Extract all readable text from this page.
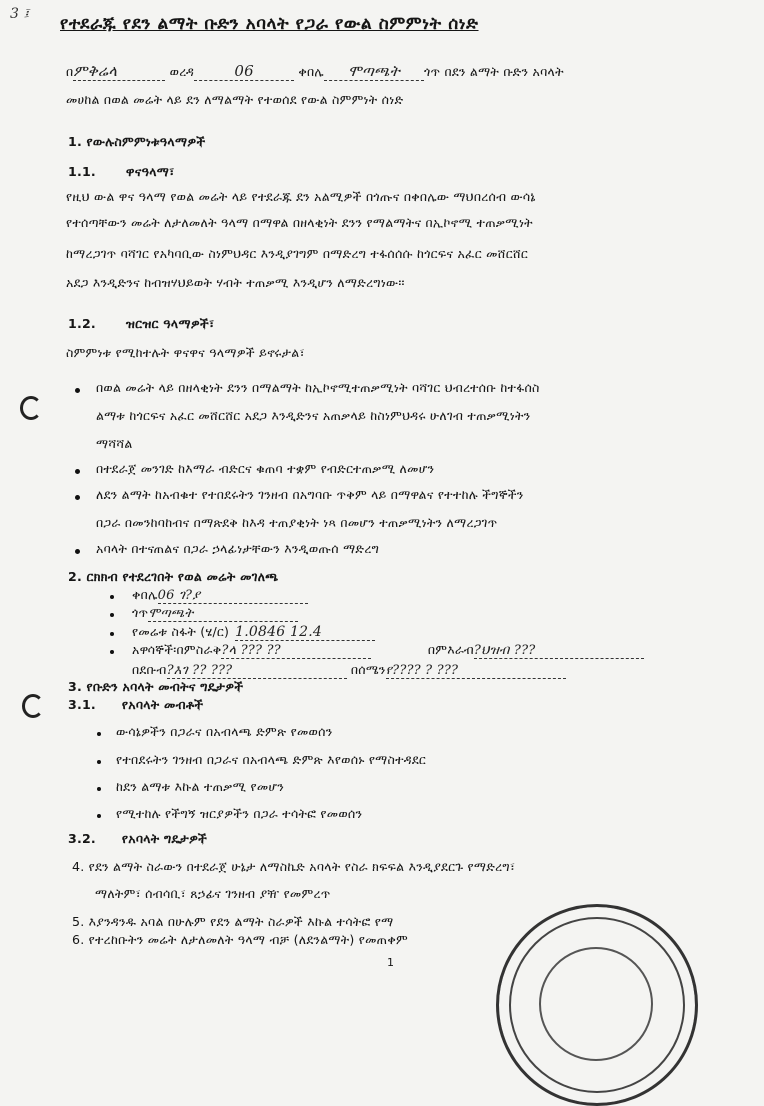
3 ፤ የተደራጁ የደን ልማት ቡድን አባላት የጋራ የውል ስምምነት ሰነድ
በምቅሬላ	ወረዳ	06	ቀበሌ ሞጣጫት ጎጥ በደን ልማት ቡድን አባላት
መሀከል በወል መሬት ላይ ደን ለማልማት የተወሰደ የውል ስምምነት ሰነድ
1. የውሉስምምነቱዓላማዎች
1.1. ዋናዓላማ፣
የዚህ ውል ዋና ዓላማ የወል መሬት ላይ የተደራጁ ደን አልሚዎች በጎጡና በቀበሌው ማህበረሰብ ውሳኔ
የተሰጣቸውን መሬት ለታለመለት ዓላማ በማዋል በዘላቂነት ደንን የማልማትና በኢኮኖሚ ተጠቃሚነት
ከማረጋገጥ ባሻገር የአካባቢው ስነምህዳር እንዲያገግም በማድረግ ተፋሰሰሱ ከጎርፍና አፈር መሸርሸር
አደጋ እንዲድንና ከብዝሃህይወት ሃብት ተጠቃሚ እንዲሆን ለማድረግነው፡፡
1.2. ዝርዝር ዓላማዎች፣
ስምምነቱ የሚከተሉት ዋናዋና ዓላማዎች ይኖሩታል፣
በወል መሬት ላይ በዘላቂነት ደንን በማልማት ከኢኮኖሚተጠቃሚነት ባሻገር ህብረተሰቡ ከተፋሰስ
ልማቱ ከጎርፍና አፈር መሸርሸር አደጋ እንዲድንና አጠቃላይ ከስነምህዳሩ ሁለገብ ተጠቃሚነትን
ማሻሻል
በተደራጀ መንገድ ከእማራ ብድርና ቁጠባ ተቋም የብድርተጠቃሚ ለመሆን
ለደን ልማት ከአብቁተ የተበደሩትን ገንዘብ በአግባቡ ጥቅም ላይ በማዋልና የተተከሉ ችግኞችን
በጋራ በመንከባከብና በማጽደቅ ከእዳ ተጠያቂነት ነጻ በመሆን ተጠቃሚነትን ለማረጋገጥ
አባላት በተናጠልና በጋራ ኃላፊነታቸውን እንዲወጡሰ ማድረግ
2. ርክክብ የተደረገበት የወል መሬት መገለጫ
ቀበሌ06 ገ?ያ
ጎጥሞጣጫት
የመሬቱ ስፋት (ሄ/ር) 1.0846 12.4
አዋሳኞች፡በምስራቅ?ላ ??? ??	በምእራብ?ህዝብ ???
በደቡብ?እገ ?? ???	በሰሜንየ???? ? ???
3. የቡድን አባላት መብትና ግዴታዎች
3.1. የአባላት መብቶች
ውሳኔዎችን በጋራና በአብላጫ ድምጽ የመወሰን
የተበደሩትን ገንዘብ በጋራና በአብላጫ ድምጽ እየወሰኑ የማስተዳደር
ከደን ልማቱ እኩል ተጠቃሚ የመሆን
የሚተከሉ የችግኝ ዝርያዎችን በጋራ ተሳትፎ የመወሰን
3.2. የአባላት ግዴታዎች
4. የደን ልማት ስራውን በተደራጀ ሁኔታ ለማስኬድ አባላት የስራ ክፍፍል እንዲያደርጉ የማድረግ፣
ማለትም፣ ሰብሳቢ፣ ጸኃፊና ገንዘብ ያዥ የመምረጥ
5. እያንዳንዱ አባል በሁሉም የደን ልማት ስራዎች እኩል ተሳትፎ የማ
6. የተረከቡትን መሬት ለታለመለት ዓላማ ብቻ (ለደንልማት) የመጠቀም
1
